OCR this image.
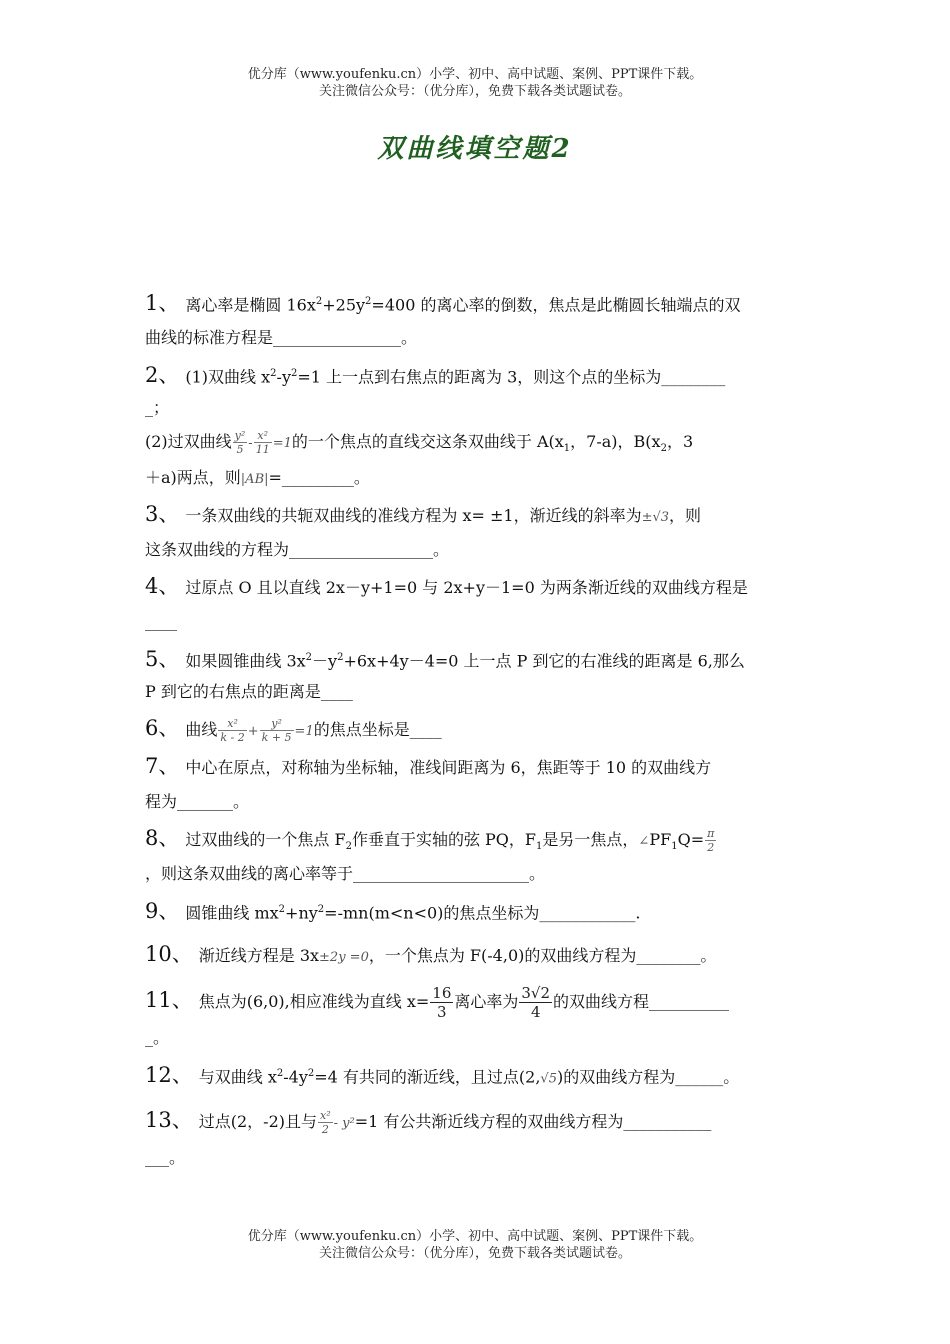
优分库（www.youfenku.cn）小学、初中、高中试题、案例、PPT课件下载。
关注微信公众号：（优分库），免费下载各类试题试卷。
双曲线填空题2
1、 离心率是椭圆 $16x^2+25y^2=400$ 的离心率的倒数，焦点是此椭圆长轴端点的双
曲线的标准方程是________________。
2、 (1)双曲线 $x^2-y^2=1$ 上一点到右焦点的距离为 3，则这个点的坐标为________
_；
(2)过双曲线 $\frac{\text{y²}}{5} - \frac{\text{x²}}{11} =1$的一个焦点的直线交这条双曲线于 $A(x_1$，7-a)，$B(x_2$，3
＋a)两点，则|AB|=_________。
3、 一条双曲线的共轭双曲线的准线方程为 x= ±1，渐近线的斜率为±√3，则
这条双曲线的方程为__________________。
4、 过原点 O 且以直线 2x－y+1=0 与 2x+y－1=0 为两条渐近线的双曲线方程是
____
5、 如果圆锥曲线 $3x^2-y^2+6x+4y-4=0$ 上一点 P 到它的右准线的距离是 6,那么
P 到它的右焦点的距离是____
6、 曲线 $\frac{\text{x²}}{k - 2} + \frac{\text{y²}}{k + 5} =1$的焦点坐标是____
7、 中心在原点，对称轴为坐标轴，准线间距离为 6，焦距等于 10 的双曲线方
程为_______。
8、 过双曲线的一个焦点 $F_2$作垂直于实轴的弦 PQ，$F_1$是另一焦点，$\angle PF_1Q= \frac{\pi}{2}$
，则这条双曲线的离心率等于______________________。
9、 圆锥曲线 $mx^2+ny^2=-mn(m<n<0)$的焦点坐标为____________.
10、 渐近线方程是 3x±2y =0，一个焦点为 F(-4,0)的双曲线方程为________。
11、 焦点为(6,0),相应准线为直线 $x= \frac{16}{3}$ 离心率为 $\frac{3√2}{4}$ 的双曲线方程__________
_。
12、 与双曲线 $x^2-4y^2=4$ 有共同的渐近线，且过点(2,√5)的双曲线方程为______。
13、 过点(2，-2)且与 $\frac{\text{x²}}{2} - y^2=1$ 有公共渐近线方程的双曲线方程为___________
___。
优分库（www.youfenku.cn）小学、初中、高中试题、案例、PPT课件下载。
关注微信公众号：（优分库），免费下载各类试题试卷。
